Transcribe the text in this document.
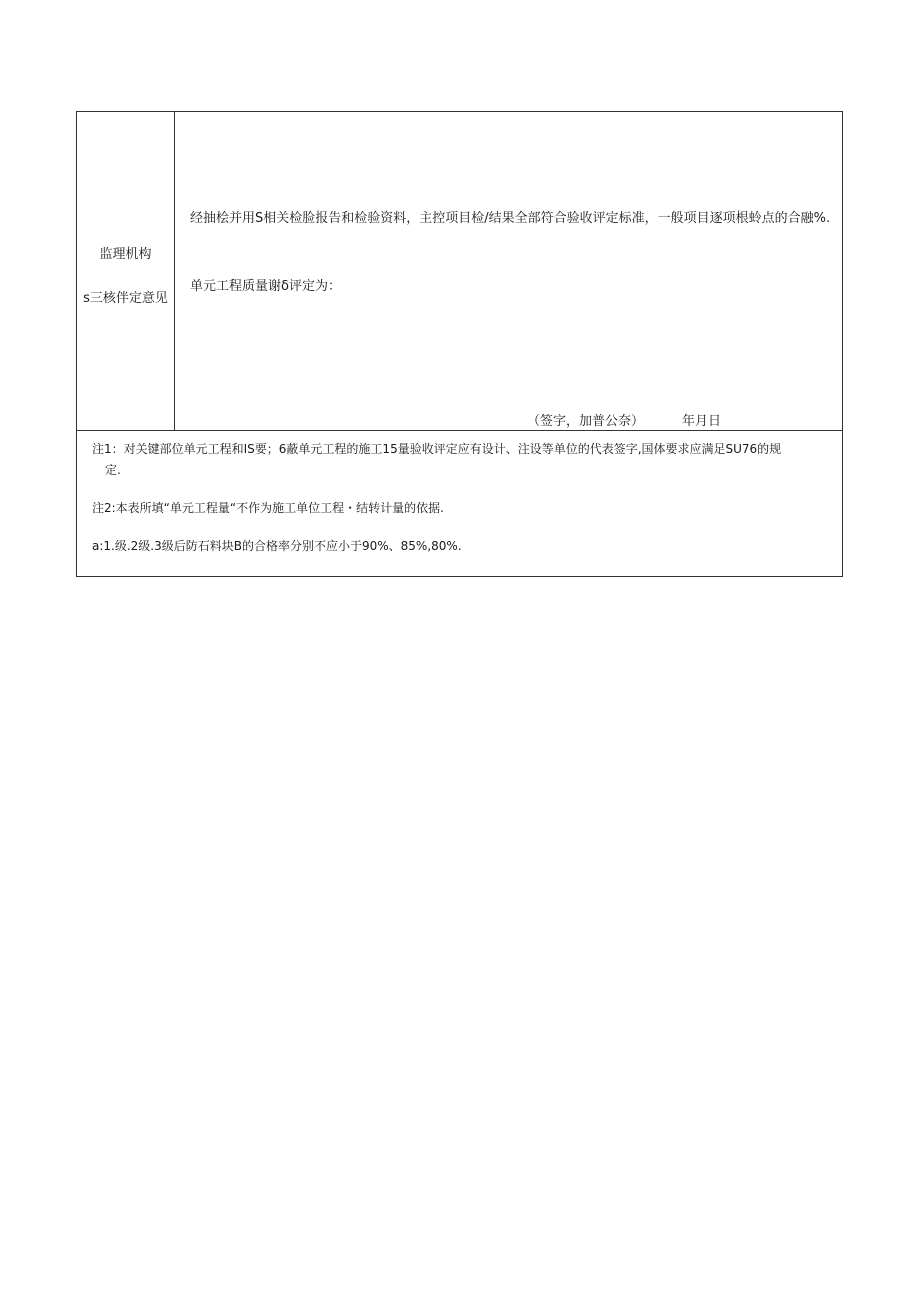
监理机构
s三核伴定意见
经抽桧并用S相关检脸报告和检验资料，主控项目检/结果全部符合验收评定标准，一般项目逐项根蛉点的合融%.
单元工程质量谢δ评定为：
（签字，加普公奈）	年月日
注1：对关键部位单元工程和IS要；6蔽单元工程的施工15量验收评定应有设计、注设等单位的代表签字,国体要求应满足SU76的规
定.
注2:本表所填“单元工程量“不作为施工单位工程・结转计量的依据.
a:1.级.2级.3级后防石料块B的合格率分别不应小于90%、85%,80%.
